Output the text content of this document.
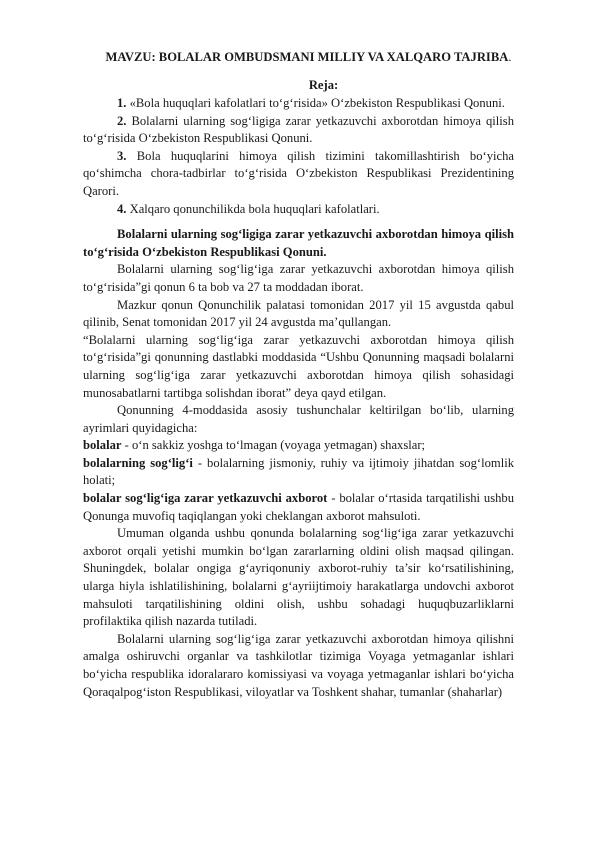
MAVZU: BOLALAR OMBUDSMANI MILLIY VA XALQARO TAJRIBA.
Reja:

1. «Bola huquqlari kafolatlari to‘g‘risida» O‘zbekiston Respublikasi Qonuni.

2. Bolalarni ularning sog‘ligiga zarar yetkazuvchi axborotdan himoya qilish to‘g‘risida O‘zbekiston Respublikasi Qonuni.

3. Bola huquqlarini himoya qilish tizimini takomillashtirish bo‘yicha qo‘shimcha chora-tadbirlar to‘g‘risida O‘zbekiston Respublikasi Prezidentining Qarori.

4. Xalqaro qonunchilikda bola huquqlari kafolatlari.

Bolalarni ularning sog‘ligiga zarar yetkazuvchi axborotdan himoya qilish to‘g‘risida O‘zbekiston Respublikasi Qonuni.

Bolalarni ularning sog‘lig‘iga zarar yetkazuvchi axborotdan himoya qilish to‘g‘risida”gi qonun 6 ta bob va 27 ta moddadan iborat.

Mazkur qonun Qonunchilik palatasi tomonidan 2017 yil 15 avgustda qabul qilinib, Senat tomonidan 2017 yil 24 avgustda ma’qullangan.

“Bolalarni ularning sog‘lig‘iga zarar yetkazuvchi axborotdan himoya qilish to‘g‘risida”gi qonunning dastlabki moddasida “Ushbu Qonunning maqsadi bolalarni ularning sog‘lig‘iga zarar yetkazuvchi axborotdan himoya qilish sohasidagi munosabatlarni tartibga solishdan iborat” deya qayd etilgan.

Qonunning 4-moddasida asosiy tushunchalar keltirilgan bo‘lib, ularning ayrimlari quyidagicha:

bolalar - o‘n sakkiz yoshga to‘lmagan (voyaga yetmagan) shaxslar;

bolalarning sog‘lig‘i - bolalarning jismoniy, ruhiy va ijtimoiy jihatdan sog‘lomlik holati;

bolalar sog‘lig‘iga zarar yetkazuvchi axborot - bolalar o‘rtasida tarqatilishi ushbu Qonunga muvofiq taqiqlangan yoki cheklangan axborot mahsuloti.

Umuman olganda ushbu qonunda bolalarning sog‘lig‘iga zarar yetkazuvchi axborot orqali yetishi mumkin bo‘lgan zararlarning oldini olish maqsad qilingan. Shuningdek, bolalar ongiga g‘ayriqonuniy axborot-ruhiy ta’sir ko‘rsatilishining, ularga hiyla ishlatilishining, bolalarni g‘ayriijtimoiy harakatlarga undovchi axborot mahsuloti tarqatilishining oldini olish, ushbu sohadagi huquqbuzarliklarni profilaktika qilish nazarda tutiladi.

Bolalarni ularning sog‘lig‘iga zarar yetkazuvchi axborotdan himoya qilishni amalga oshiruvchi organlar va tashkilotlar tizimiga Voyaga yetmaganlar ishlari bo‘yicha respublika idoralararo komissiyasi va voyaga yetmaganlar ishlari bo‘yicha Qoraqalpog‘iston Respublikasi, viloyatlar va Toshkent shahar, tumanlar (shaharlar)
